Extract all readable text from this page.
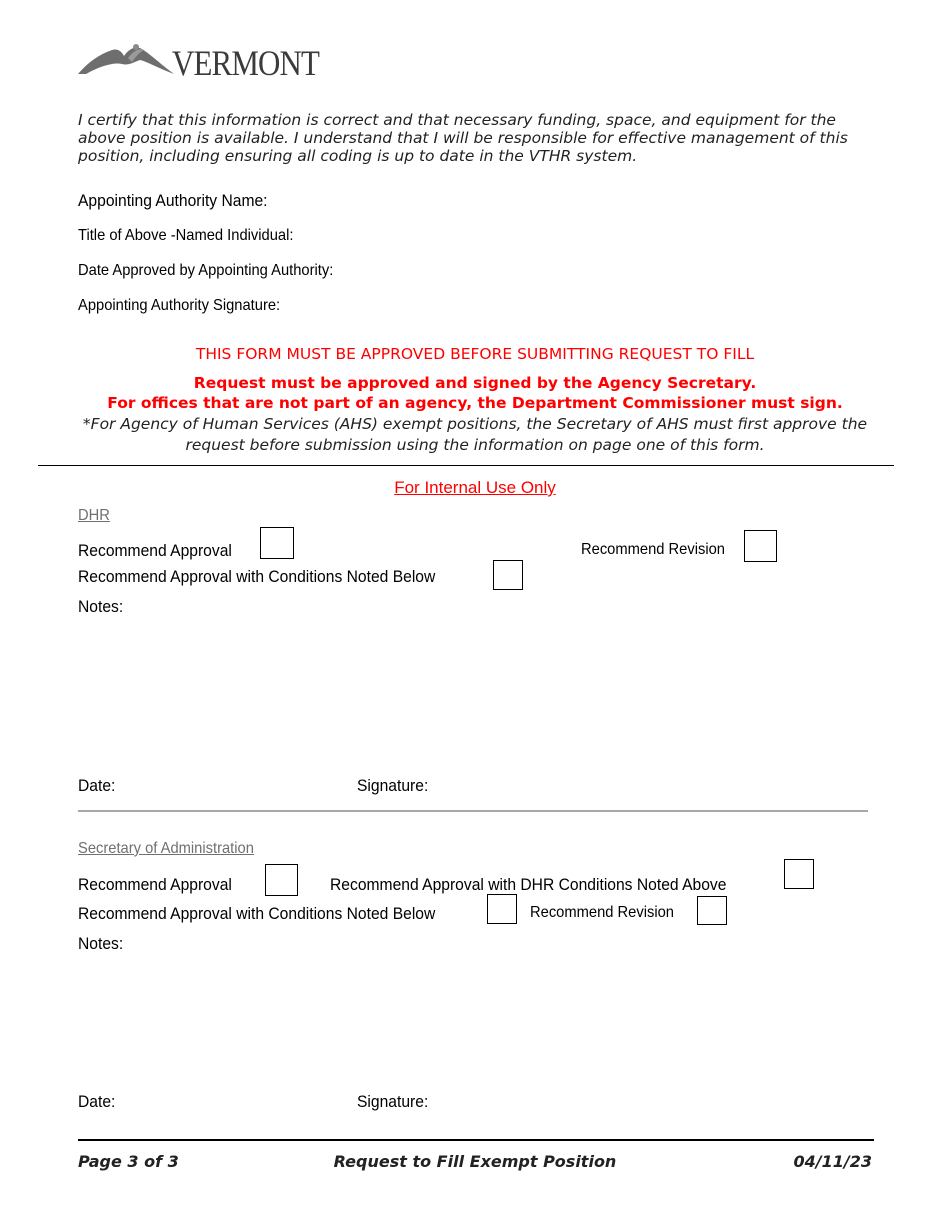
VERMONT
I certify that this information is correct and that necessary funding, space, and equipment for the above position is available. I understand that I will be responsible for effective management of this position, including ensuring all coding is up to date in the VTHR system.
Appointing Authority Name:
Title of Above -Named Individual:
Date Approved by Appointing Authority:
Appointing Authority Signature:
THIS FORM MUST BE APPROVED BEFORE SUBMITTING REQUEST TO FILL
Request must be approved and signed by the Agency Secretary.
For offices that are not part of an agency, the Department Commissioner must sign.
*For Agency of Human Services (AHS) exempt positions, the Secretary of AHS must first approve the
request before submission using the information on page one of this form.
For Internal Use Only
DHR
Recommend Approval	Recommend Revision
Recommend Approval with Conditions Noted Below
Notes:
Date:	Signature:
Secretary of Administration
Recommend Approval	Recommend Approval with DHR Conditions Noted Above
Recommend Approval with Conditions Noted Below	Recommend Revision
Notes:
Date:	Signature:
Page 3 of 3	Request to Fill Exempt Position	04/11/23
